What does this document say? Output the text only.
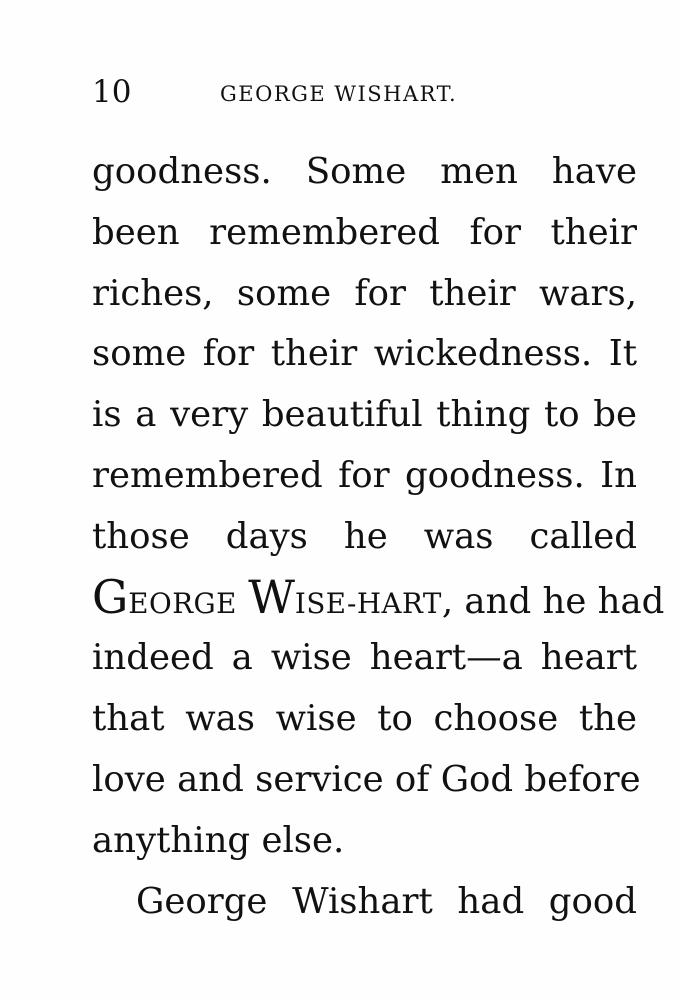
10	GEORGE WISHART.
goodness. Some men have
been remembered for their
riches, some for their wars,
some for their wickedness. It
is a very beautiful thing to be
remembered for goodness. In
those days he was called
GEORGE WISE-HART, and he had
indeed a wise heart—a heart
that was wise to choose the
love and service of God before
anything else.
George Wishart had good
